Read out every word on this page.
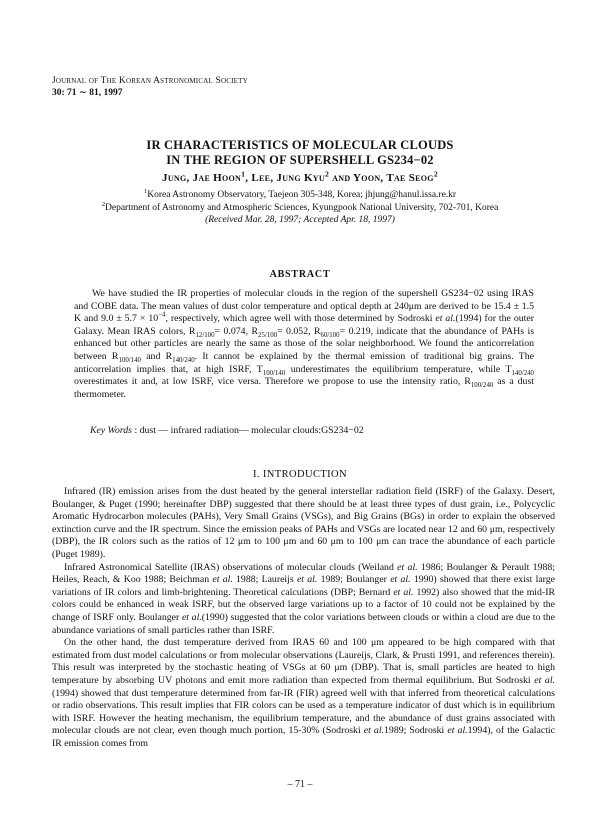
Journal of The Korean Astronomical Society
30: 71 ∼ 81, 1997
IR CHARACTERISTICS OF MOLECULAR CLOUDS
IN THE REGION OF SUPERSHELL GS234−02
Jung, Jae Hoon$^1$, Lee, Jung Kyu$^2$ and Yoon, Tae Seog$^2$
$^1$Korea Astronomy Observatory, Taejeon 305-348, Korea; jhjung@hanul.issa.re.kr
$^2$Department of Astronomy and Atmospheric Sciences, Kyungpook National University, 702-701, Korea
(Received Mar. 28, 1997; Accepted Apr. 18, 1997)
ABSTRACT

We have studied the IR properties of molecular clouds in the region of the supershell GS234−02 using IRAS and COBE data. The mean values of dust color temperature and optical depth at 240μm are derived to be 15.4 ± 1.5 K and $9.0 \pm 5.7 \times 10^{-4}$, respectively, which agree well with those determined by Sodroski et al.(1994) for the outer Galaxy. Mean IRAS colors, $R_{12/100}= 0.074$, $R_{25/100}= 0.052$, $R_{60/100}= 0.219$, indicate that the abundance of PAHs is enhanced but other particles are nearly the same as those of the solar neighborhood. We found the anticorrelation between $R_{100/140}$ and $R_{140/240}$. It cannot be explained by the thermal emission of traditional big grains. The anticorrelation implies that, at high ISRF, $T_{100/140}$ underestimates the equilibrium temperature, while $T_{140/240}$ overestimates it and, at low ISRF, vice versa. Therefore we propose to use the intensity ratio, $R_{100/240}$ as a dust thermometer.

Key Words : dust — infrared radiation— molecular clouds:GS234−02
I. INTRODUCTION

Infrared (IR) emission arises from the dust heated by the general interstellar radiation field (ISRF) of the Galaxy. Desert, Boulanger, & Puget (1990; hereinafter DBP) suggested that there should be at least three types of dust grain, i.e., Polycyclic Aromatic Hydrocarbon molecules (PAHs), Very Small Grains (VSGs), and Big Grains (BGs) in order to explain the observed extinction curve and the IR spectrum. Since the emission peaks of PAHs and VSGs are located near 12 and 60 μm, respectively (DBP), the IR colors such as the ratios of 12 μm to 100 μm and 60 μm to 100 μm can trace the abundance of each particle (Puget 1989).

Infrared Astronomical Satellite (IRAS) observations of molecular clouds (Weiland et al. 1986; Boulanger & Perault 1988; Heiles, Reach, & Koo 1988; Beichman et al. 1988; Laureijs et al. 1989; Boulanger et al. 1990) showed that there exist large variations of IR colors and limb-brightening. Theoretical calculations (DBP; Bernard et al. 1992) also showed that the mid-IR colors could be enhanced in weak ISRF, but the observed large variations up to a factor of 10 could not be explained by the change of ISRF only. Boulanger et al.(1990) suggested that the color variations between clouds or within a cloud are due to the abundance variations of small particles rather than ISRF.

On the other hand, the dust temperature derived from IRAS 60 and 100 μm appeared to be high compared with that estimated from dust model calculations or from molecular observations (Laureijs, Clark, & Prusti 1991, and references therein). This result was interpreted by the stochastic heating of VSGs at 60 μm (DBP). That is, small particles are heated to high temperature by absorbing UV photons and emit more radiation than expected from thermal equilibrium. But Sodroski et al.(1994) showed that dust temperature determined from far-IR (FIR) agreed well with that inferred from theoretical calculations or radio observations. This result implies that FIR colors can be used as a temperature indicator of dust which is in equilibrium with ISRF. However the heating mechanism, the equilibrium temperature, and the abundance of dust grains associated with molecular clouds are not clear, even though much portion, 15-30% (Sodroski et al.1989; Sodroski et al.1994), of the Galactic IR emission comes from

– 71 –
